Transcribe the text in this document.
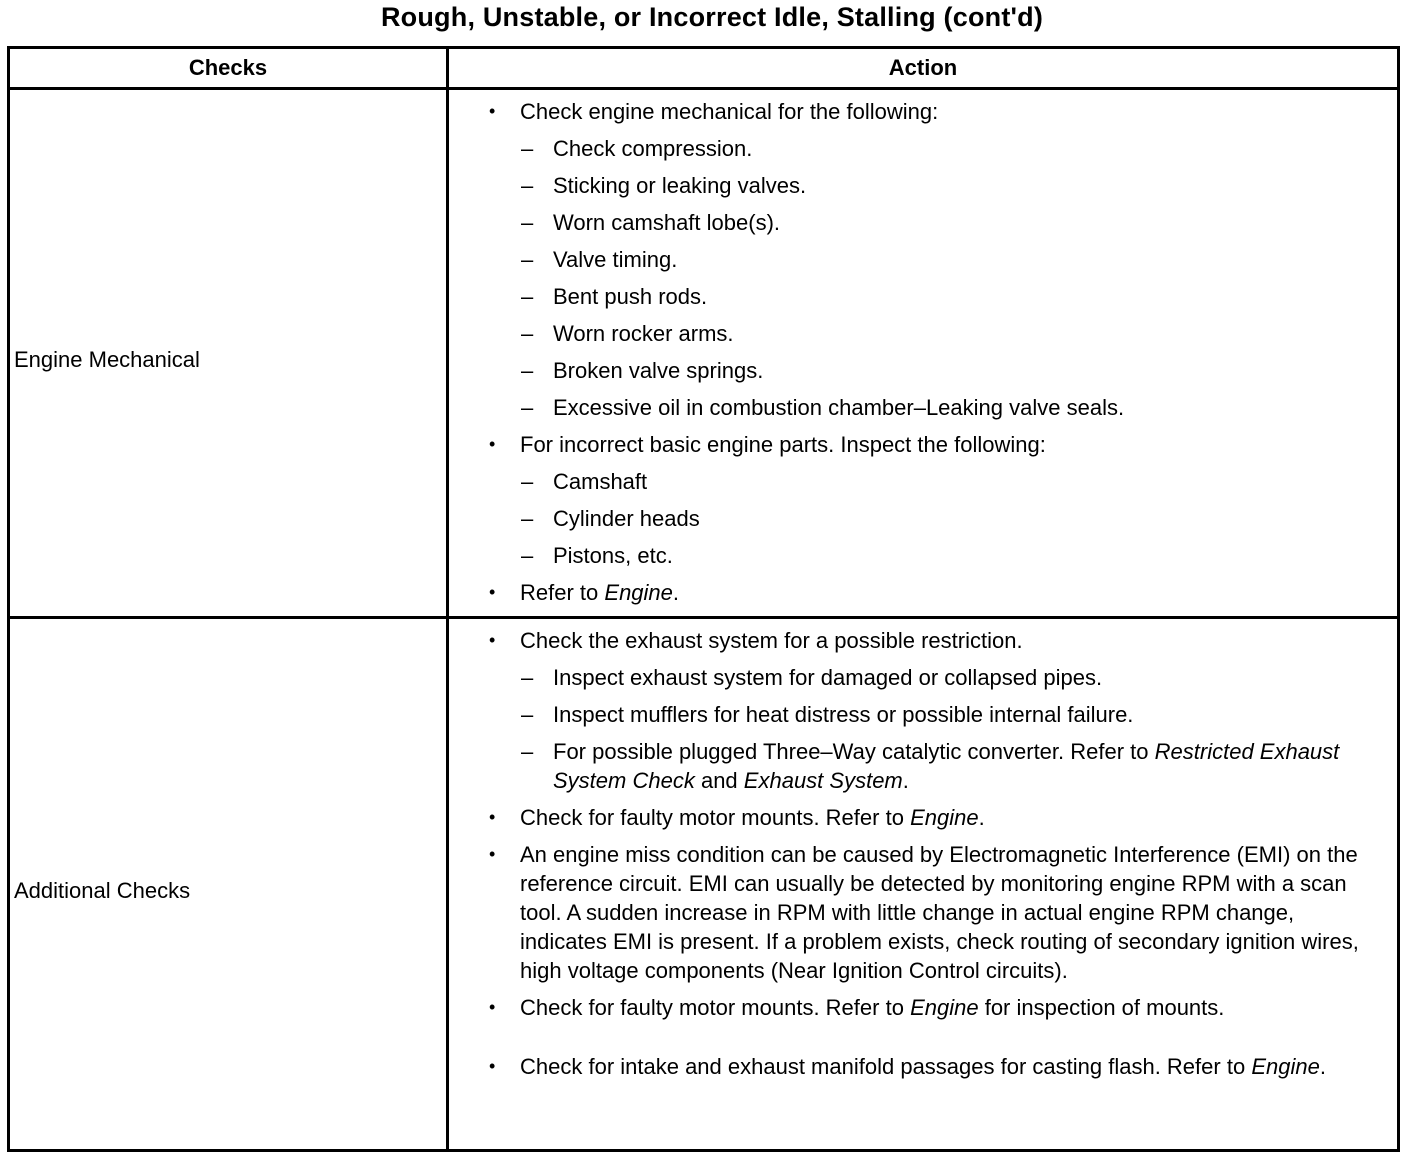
Rough, Unstable, or Incorrect Idle, Stalling (cont'd)
Checks	Action
Engine Mechanical
• Check engine mechanical for the following:
– Check compression.
– Sticking or leaking valves.
– Worn camshaft lobe(s).
– Valve timing.
– Bent push rods.
– Worn rocker arms.
– Broken valve springs.
– Excessive oil in combustion chamber–Leaking valve seals.
• For incorrect basic engine parts. Inspect the following:
– Camshaft
– Cylinder heads
– Pistons, etc.
• Refer to Engine.
Additional Checks
• Check the exhaust system for a possible restriction.
– Inspect exhaust system for damaged or collapsed pipes.
– Inspect mufflers for heat distress or possible internal failure.
– For possible plugged Three–Way catalytic converter. Refer to Restricted Exhaust System Check and Exhaust System.
• Check for faulty motor mounts. Refer to Engine.
• An engine miss condition can be caused by Electromagnetic Interference (EMI) on the reference circuit. EMI can usually be detected by monitoring engine RPM with a scan tool. A sudden increase in RPM with little change in actual engine RPM change, indicates EMI is present. If a problem exists, check routing of secondary ignition wires, high voltage components (Near Ignition Control circuits).
• Check for faulty motor mounts. Refer to Engine for inspection of mounts.
• Check for intake and exhaust manifold passages for casting flash. Refer to Engine.
